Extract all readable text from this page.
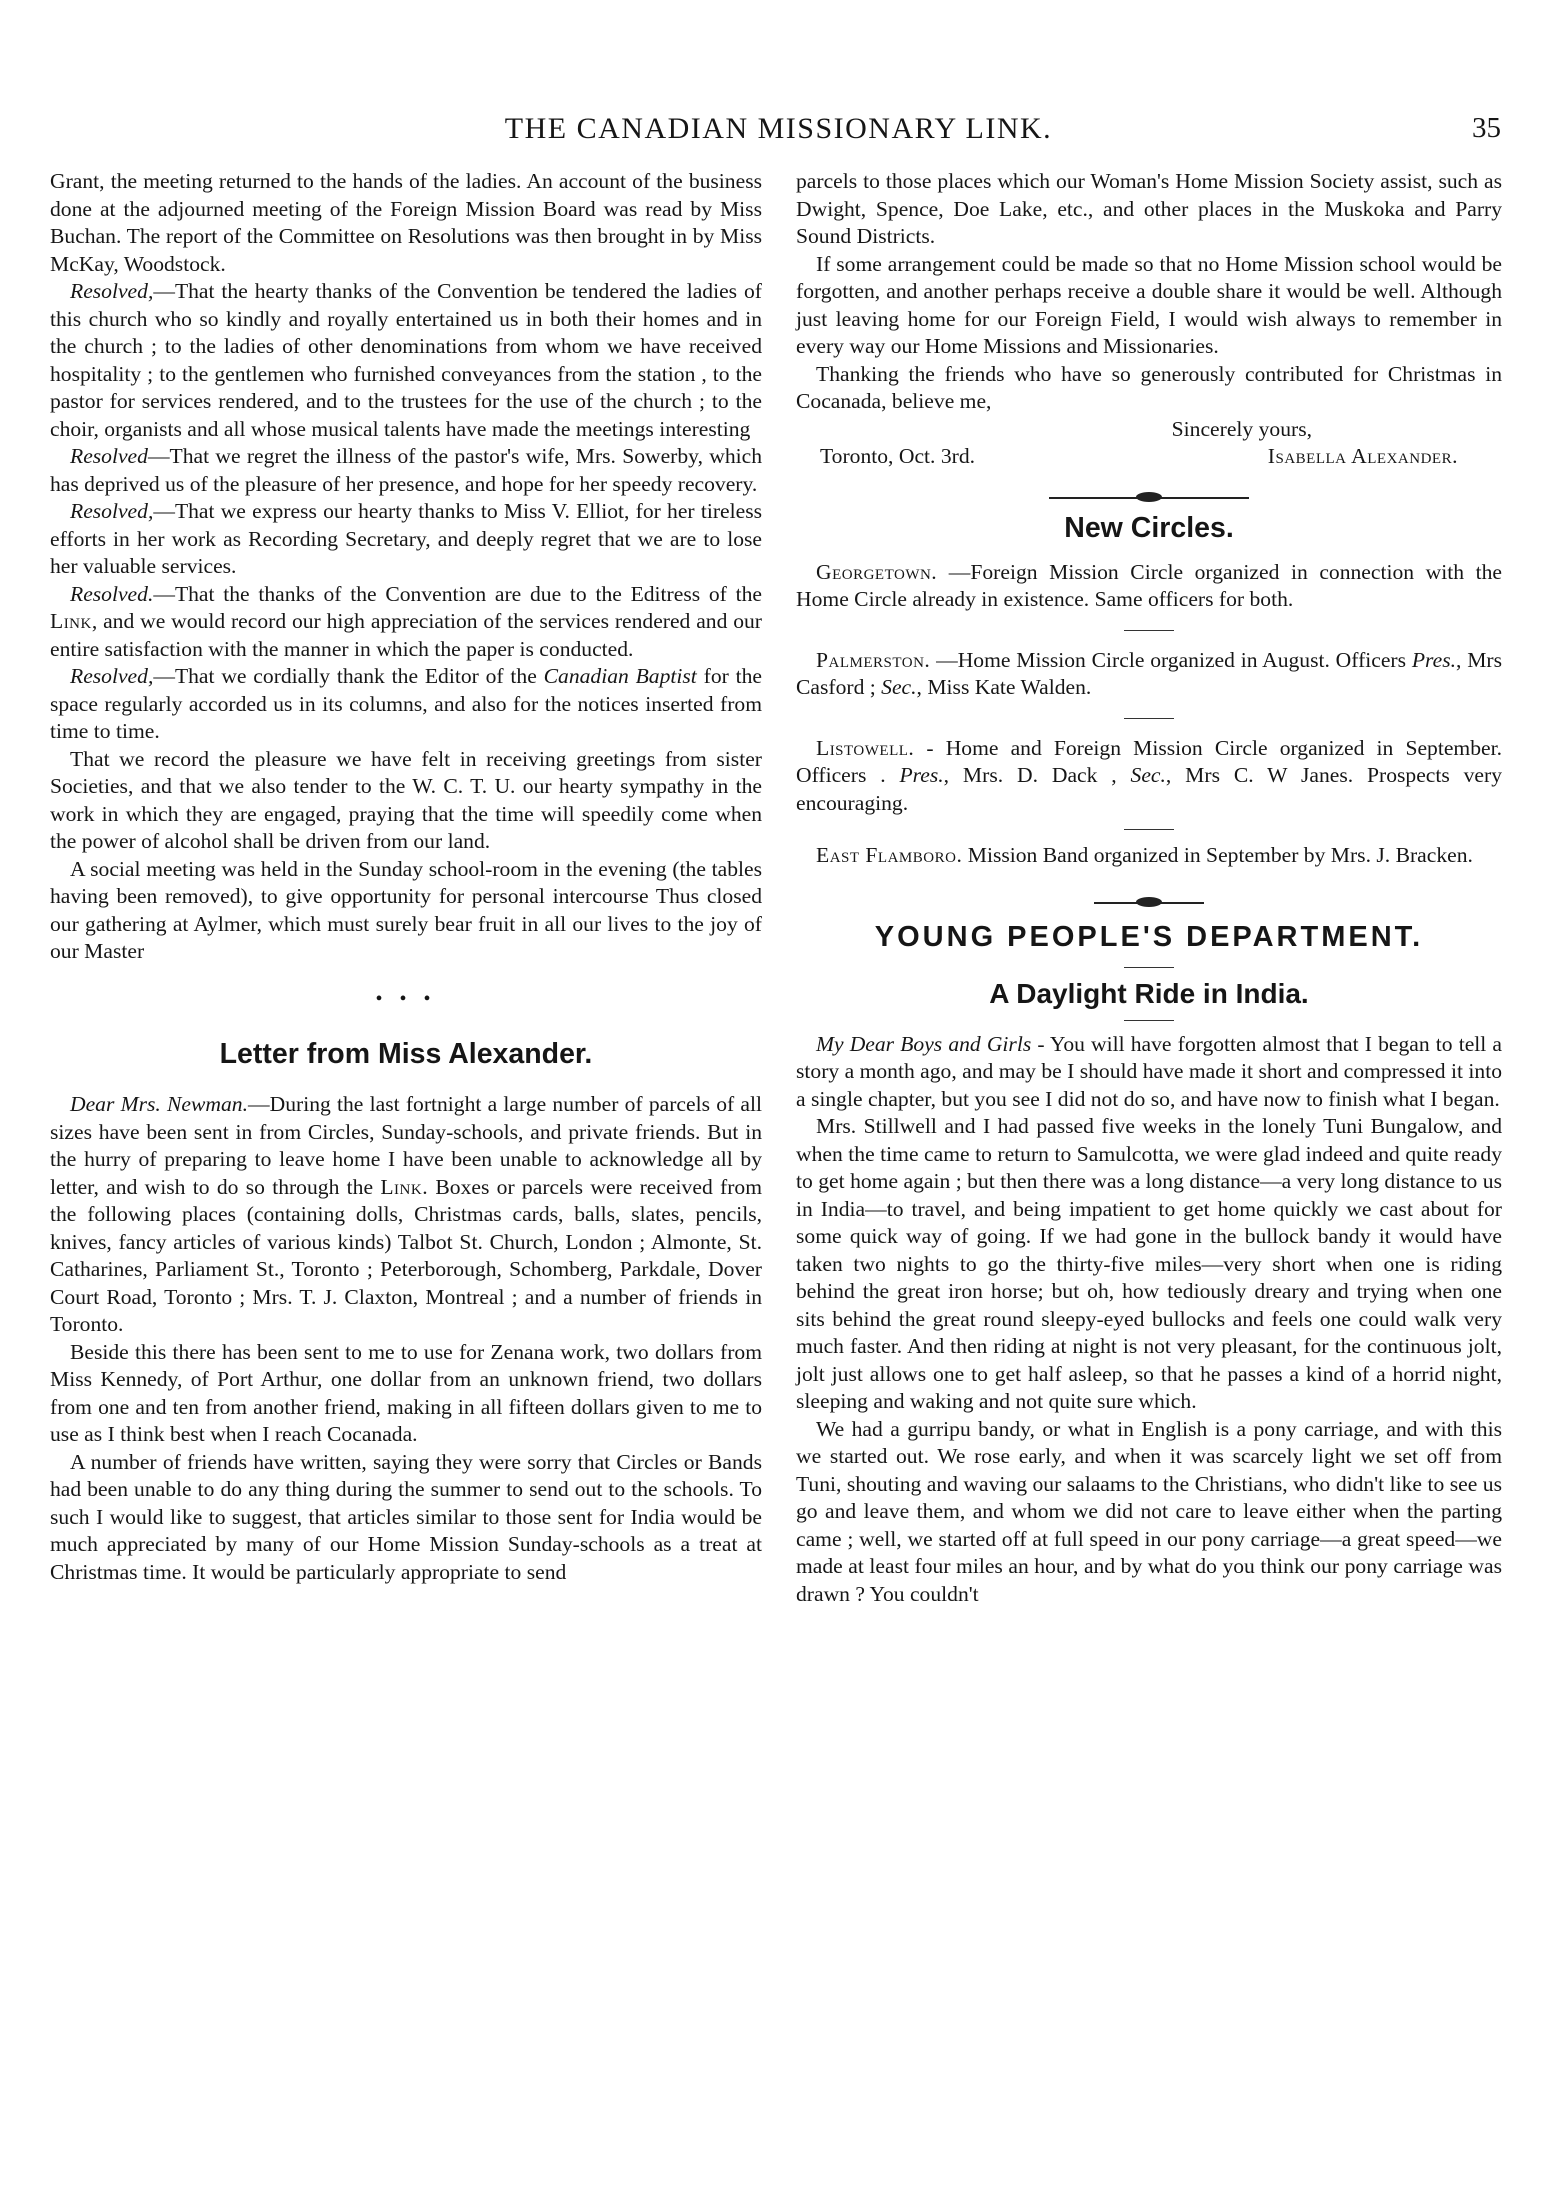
THE CANADIAN MISSIONARY LINK.	35

Grant, the meeting returned to the hands of the ladies. An account of the business done at the adjourned meeting of the Foreign Mission Board was read by Miss Buchan. The report of the Committee on Resolutions was then brought in by Miss McKay, Woodstock.

Resolved,—That the hearty thanks of the Convention be tendered the ladies of this church who so kindly and royally entertained us in both their homes and in the church ; to the ladies of other denominations from whom we have received hospitality ; to the gentlemen who furnished conveyances from the station , to the pastor for services rendered, and to the trustees for the use of the church ; to the choir, organists and all whose musical talents have made the meetings interesting

Resolved—That we regret the illness of the pastor's wife, Mrs. Sowerby, which has deprived us of the pleasure of her presence, and hope for her speedy recovery.

Resolved,—That we express our hearty thanks to Miss V. Elliot, for her tireless efforts in her work as Recording Secretary, and deeply regret that we are to lose her valuable services.

Resolved.—That the thanks of the Convention are due to the Editress of the Link, and we would record our high appreciation of the services rendered and our entire satisfaction with the manner in which the paper is conducted.

Resolved,—That we cordially thank the Editor of the Canadian Baptist for the space regularly accorded us in its columns, and also for the notices inserted from time to time.

That we record the pleasure we have felt in receiving greetings from sister Societies, and that we also tender to the W. C. T. U. our hearty sympathy in the work in which they are engaged, praying that the time will speedily come when the power of alcohol shall be driven from our land.

A social meeting was held in the Sunday school-room in the evening (the tables having been removed), to give opportunity for personal intercourse Thus closed our gathering at Aylmer, which must surely bear fruit in all our lives to the joy of our Master

• • •

Letter from Miss Alexander.

Dear Mrs. Newman.—During the last fortnight a large number of parcels of all sizes have been sent in from Circles, Sunday-schools, and private friends. But in the hurry of preparing to leave home I have been unable to acknowledge all by letter, and wish to do so through the Link. Boxes or parcels were received from the following places (containing dolls, Christmas cards, balls, slates, pencils, knives, fancy articles of various kinds) Talbot St. Church, London ; Almonte, St. Catharines, Parliament St., Toronto ; Peterborough, Schomberg, Parkdale, Dover Court Road, Toronto ; Mrs. T. J. Claxton, Montreal ; and a number of friends in Toronto.

Beside this there has been sent to me to use for Zenana work, two dollars from Miss Kennedy, of Port Arthur, one dollar from an unknown friend, two dollars from one and ten from another friend, making in all fifteen dollars given to me to use as I think best when I reach Cocanada.

A number of friends have written, saying they were sorry that Circles or Bands had been unable to do any thing during the summer to send out to the schools. To such I would like to suggest, that articles similar to those sent for India would be much appreciated by many of our Home Mission Sunday-schools as a treat at Christmas time. It would be particularly appropriate to send

parcels to those places which our Woman's Home Mission Society assist, such as Dwight, Spence, Doe Lake, etc., and other places in the Muskoka and Parry Sound Districts.

If some arrangement could be made so that no Home Mission school would be forgotten, and another perhaps receive a double share it would be well. Although just leaving home for our Foreign Field, I would wish always to remember in every way our Home Missions and Missionaries.

Thanking the friends who have so generously contributed for Christmas in Cocanada, believe me,

Sincerely yours,

Toronto, Oct. 3rd.	Isabella Alexander.

New Circles.

Georgetown. —Foreign Mission Circle organized in connection with the Home Circle already in existence. Same officers for both.

Palmerston. —Home Mission Circle organized in August. Officers Pres., Mrs Casford ; Sec., Miss Kate Walden.

Listowell. - Home and Foreign Mission Circle organized in September. Officers . Pres., Mrs. D. Dack , Sec., Mrs C. W Janes. Prospects very encouraging.

East Flamboro. Mission Band organized in September by Mrs. J. Bracken.

YOUNG PEOPLE'S DEPARTMENT.
A Daylight Ride in India.

My Dear Boys and Girls - You will have forgotten almost that I began to tell a story a month ago, and may be I should have made it short and compressed it into a single chapter, but you see I did not do so, and have now to finish what I began.

Mrs. Stillwell and I had passed five weeks in the lonely Tuni Bungalow, and when the time came to return to Samulcotta, we were glad indeed and quite ready to get home again ; but then there was a long distance—a very long distance to us in India—to travel, and being impatient to get home quickly we cast about for some quick way of going. If we had gone in the bullock bandy it would have taken two nights to go the thirty-five miles—very short when one is riding behind the great iron horse; but oh, how tediously dreary and trying when one sits behind the great round sleepy-eyed bullocks and feels one could walk very much faster. And then riding at night is not very pleasant, for the continuous jolt, jolt just allows one to get half asleep, so that he passes a kind of a horrid night, sleeping and waking and not quite sure which.

We had a gurripu bandy, or what in English is a pony carriage, and with this we started out. We rose early, and when it was scarcely light we set off from Tuni, shouting and waving our salaams to the Christians, who didn't like to see us go and leave them, and whom we did not care to leave either when the parting came ; well, we started off at full speed in our pony carriage—a great speed—we made at least four miles an hour, and by what do you think our pony carriage was drawn ? You couldn't
